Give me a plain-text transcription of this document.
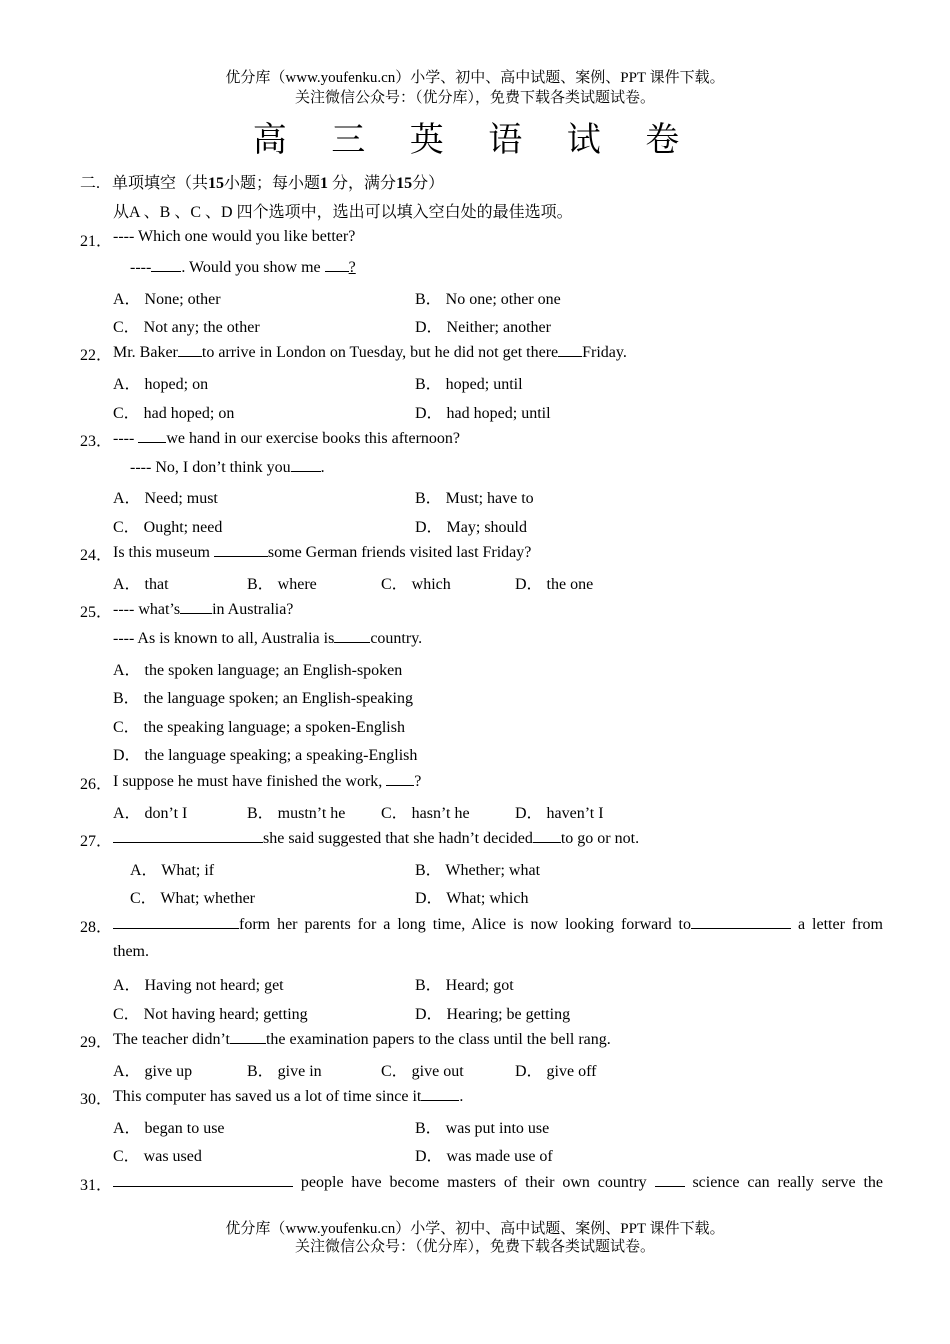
优分库（www.youfenku.cn）小学、初中、高中试题、案例、PPT 课件下载。
关注微信公众号：（优分库），免费下载各类试题试卷。
高 三 英 语 试 卷
二. 单项填空（共15小题；每小题1 分，满分15分）
从A 、B 、C 、D 四个选项中，选出可以填入空白处的最佳选项。
21． ---- Which one would you like better?
---- . Would you show me ?
A． None; other	B． No one; other one
C． Not any; the other	D． Neither; another
22． Mr. Baker to arrive in London on Tuesday, but he did not get there Friday.
A． hoped; on	B． hoped; until
C． had hoped; on	D． had hoped; until
23． ---- we hand in our exercise books this afternoon?
---- No, I don’t think you .
A． Need; must	B． Must; have to
C． Ought; need	D． May; should
24． Is this museum	some German friends visited last Friday?
A． that	B． where	C． which	D． the one
25． ---- what’s in Australia?
---- As is known to all, Australia is country.
A． the spoken language; an English-spoken
B． the language spoken; an English-speaking
C． the speaking language; a spoken-English
D． the language speaking; a speaking-English
26． I suppose he must have finished the work, ?
A． don’t I	B． mustn’t he C． hasn’t he	D． haven’t I
27．	she said suggested that she hadn’t decided to go or not.
A． What; if	B． Whether; what
C． What; whether	D． What; which
28．	form her parents for a long time, Alice is now looking forward to	a letter from
them.
A． Having not heard; get	B． Heard; got
C． Not having heard; getting	D． Hearing; be getting
29． The teacher didn’t the examination papers to the class until the bell rang.
A． give up	B． give in	C． give out	D． give off
30． This computer has saved us a lot of time since it .
A． began to use	B． was put into use
C． was used	D． was made use of
31．	people have become masters of their own country	science can really serve the
优分库（www.youfenku.cn）小学、初中、高中试题、案例、PPT 课件下载。
关注微信公众号：（优分库），免费下载各类试题试卷。
